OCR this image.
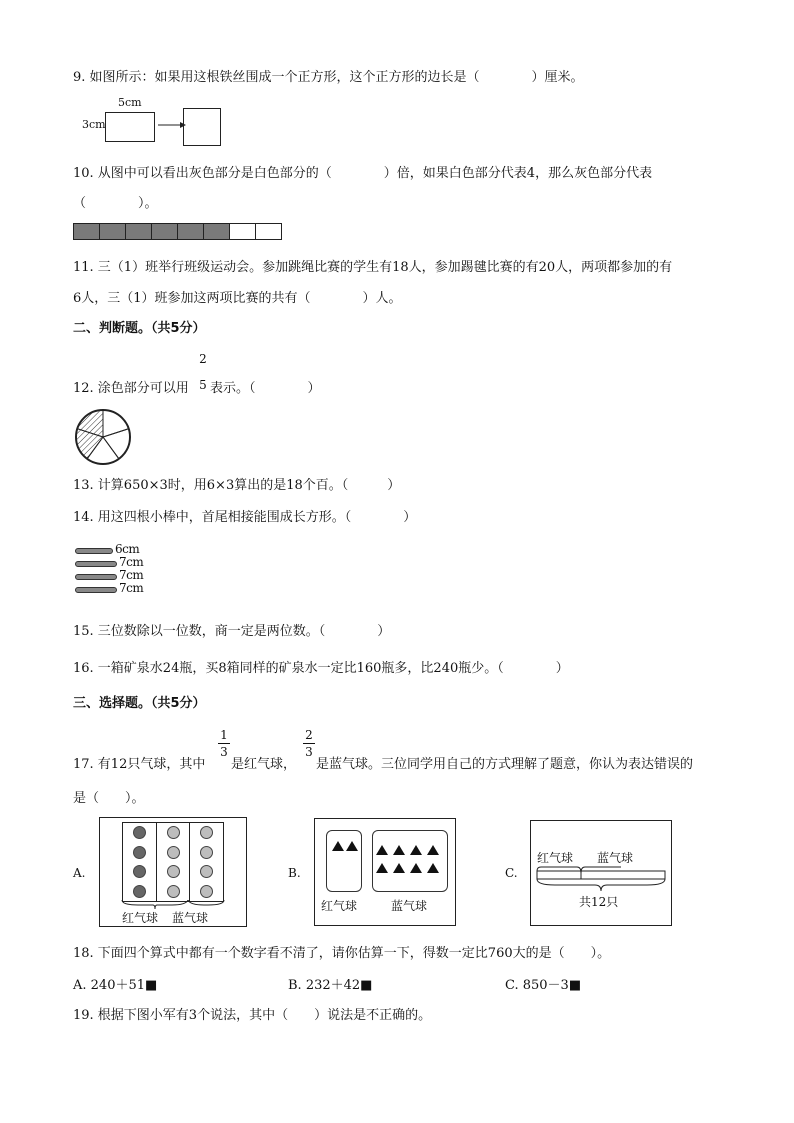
9. 如图所示：如果用这根铁丝围成一个正方形，这个正方形的边长是（　　　　）厘米。
5cm
3cm
10. 从图中可以看出灰色部分是白色部分的（　　　　）倍，如果白色部分代表4，那么灰色部分代表
（　　　　）。
11. 三（1）班举行班级运动会。参加跳绳比赛的学生有18人，参加踢毽比赛的有20人，两项都参加的有
6人，三（1）班参加这两项比赛的共有（　　　　）人。
二、判断题。（共5分）
12. 涂色部分可以用
2
5 表示。（　　　　）
13. 计算650×3时，用6×3算出的是18个百。（　　　）
14. 用这四根小棒中，首尾相接能围成长方形。（　　　　）
6cm
7cm
7cm
7cm
15. 三位数除以一位数，商一定是两位数。（　　　　）
16. 一箱矿泉水24瓶，买8箱同样的矿泉水一定比160瓶多，比240瓶少。（　　　　）
三、选择题。（共5分）
17. 有12只气球，其中
1
3
是红气球，
2
3
是蓝气球。三位同学用自己的方式理解了题意，你认为表达错误的
是（　　）。
A.
红气球 蓝气球
B.
红气球	蓝气球
C.
红气球 蓝气球
共12只
18. 下面四个算式中都有一个数字看不清了，请你估算一下，得数一定比760大的是（　　）。
A. 240＋51■	B. 232＋42■	C. 850－3■
19. 根据下图小军有3个说法，其中（　　）说法是不正确的。
